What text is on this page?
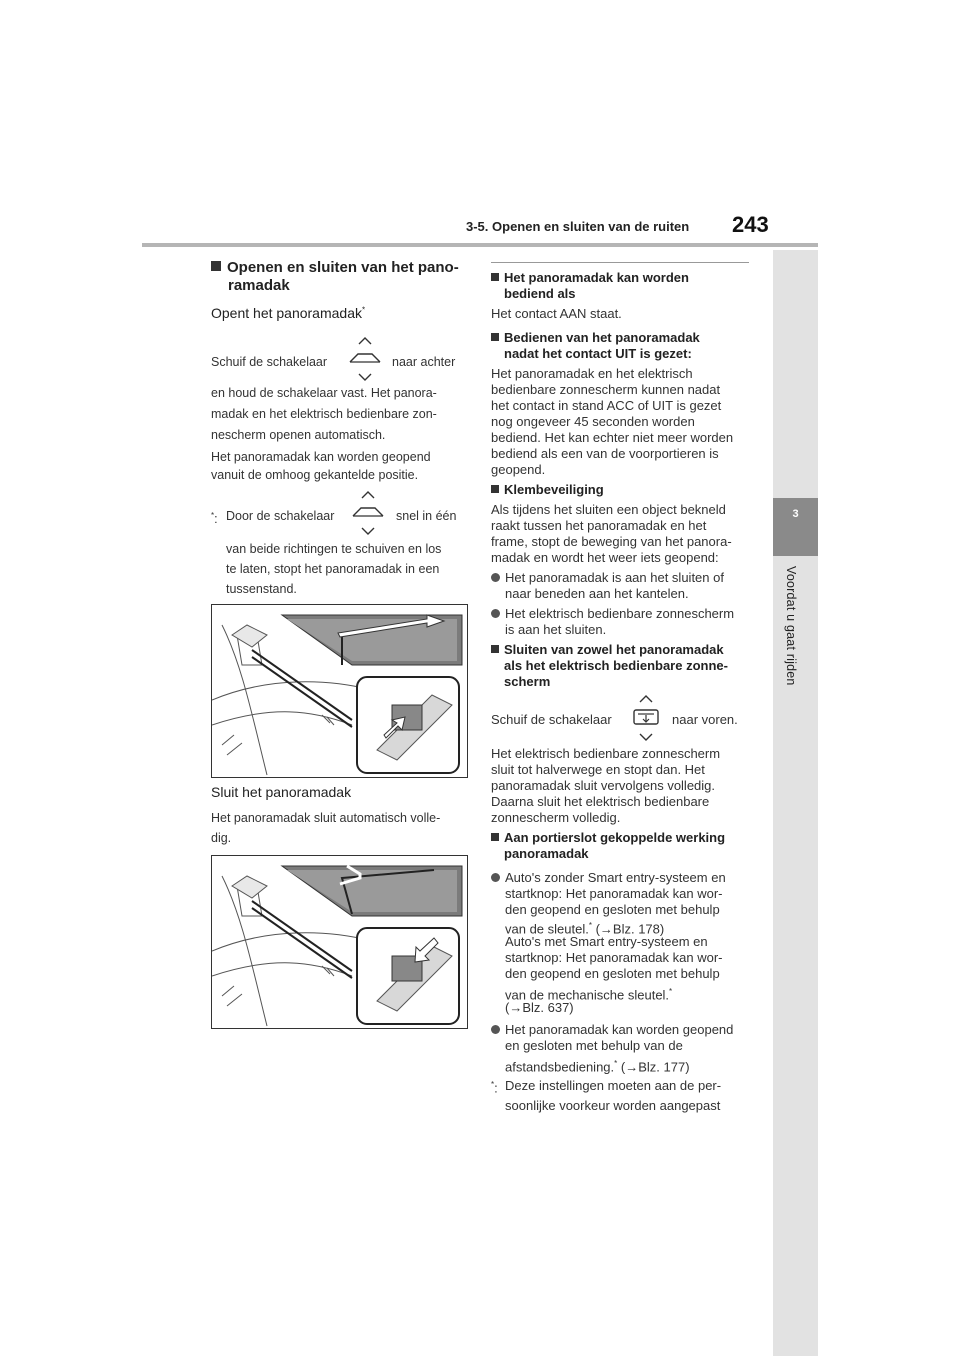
3-5. Openen en sluiten van de ruiten 243
3
Voordat u gaat rijden
Openen en sluiten van het pano-
ramadak
Opent het panoramadak*
Schuif de schakelaar	naar achter
en houd de schakelaar vast. Het panora-
madak en het elektrisch bedienbare zon-
nescherm openen automatisch.
Het panoramadak kan worden geopend
vanuit de omhoog gekantelde positie.
*: Door de schakelaar	snel in één
van beide richtingen te schuiven en los
te laten, stopt het panoramadak in een
tussenstand.
Sluit het panoramadak
Het panoramadak sluit automatisch volle-
dig.
Het panoramadak kan worden
bediend als
Het contact AAN staat.
Bedienen van het panoramadak
nadat het contact UIT is gezet:
Het panoramadak en het elektrisch
bedienbare zonnescherm kunnen nadat
het contact in stand ACC of UIT is gezet
nog ongeveer 45 seconden worden
bediend. Het kan echter niet meer worden
bediend als een van de voorportieren is
geopend.
Klembeveiliging
Als tijdens het sluiten een object bekneld
raakt tussen het panoramadak en het
frame, stopt de beweging van het panora-
madak en wordt het weer iets geopend:
Het panoramadak is aan het sluiten of
naar beneden aan het kantelen.
Het elektrisch bedienbare zonnescherm
is aan het sluiten.
Sluiten van zowel het panoramadak
als het elektrisch bedienbare zonne-
scherm
Schuif de schakelaar	naar voren.
Het elektrisch bedienbare zonnescherm
sluit tot halverwege en stopt dan. Het
panoramadak sluit vervolgens volledig.
Daarna sluit het elektrisch bedienbare
zonnescherm volledig.
Aan portierslot gekoppelde werking
panoramadak
Auto's zonder Smart entry-systeem en
startknop: Het panoramadak kan wor-
den geopend en gesloten met behulp
van de sleutel.* (→Blz. 178)
Auto's met Smart entry-systeem en
startknop: Het panoramadak kan wor-
den geopend en gesloten met behulp
van de mechanische sleutel.*
(→Blz. 637)
Het panoramadak kan worden geopend
en gesloten met behulp van de
afstandsbediening.* (→Blz. 177)
*: Deze instellingen moeten aan de per-
soonlijke voorkeur worden aangepast
